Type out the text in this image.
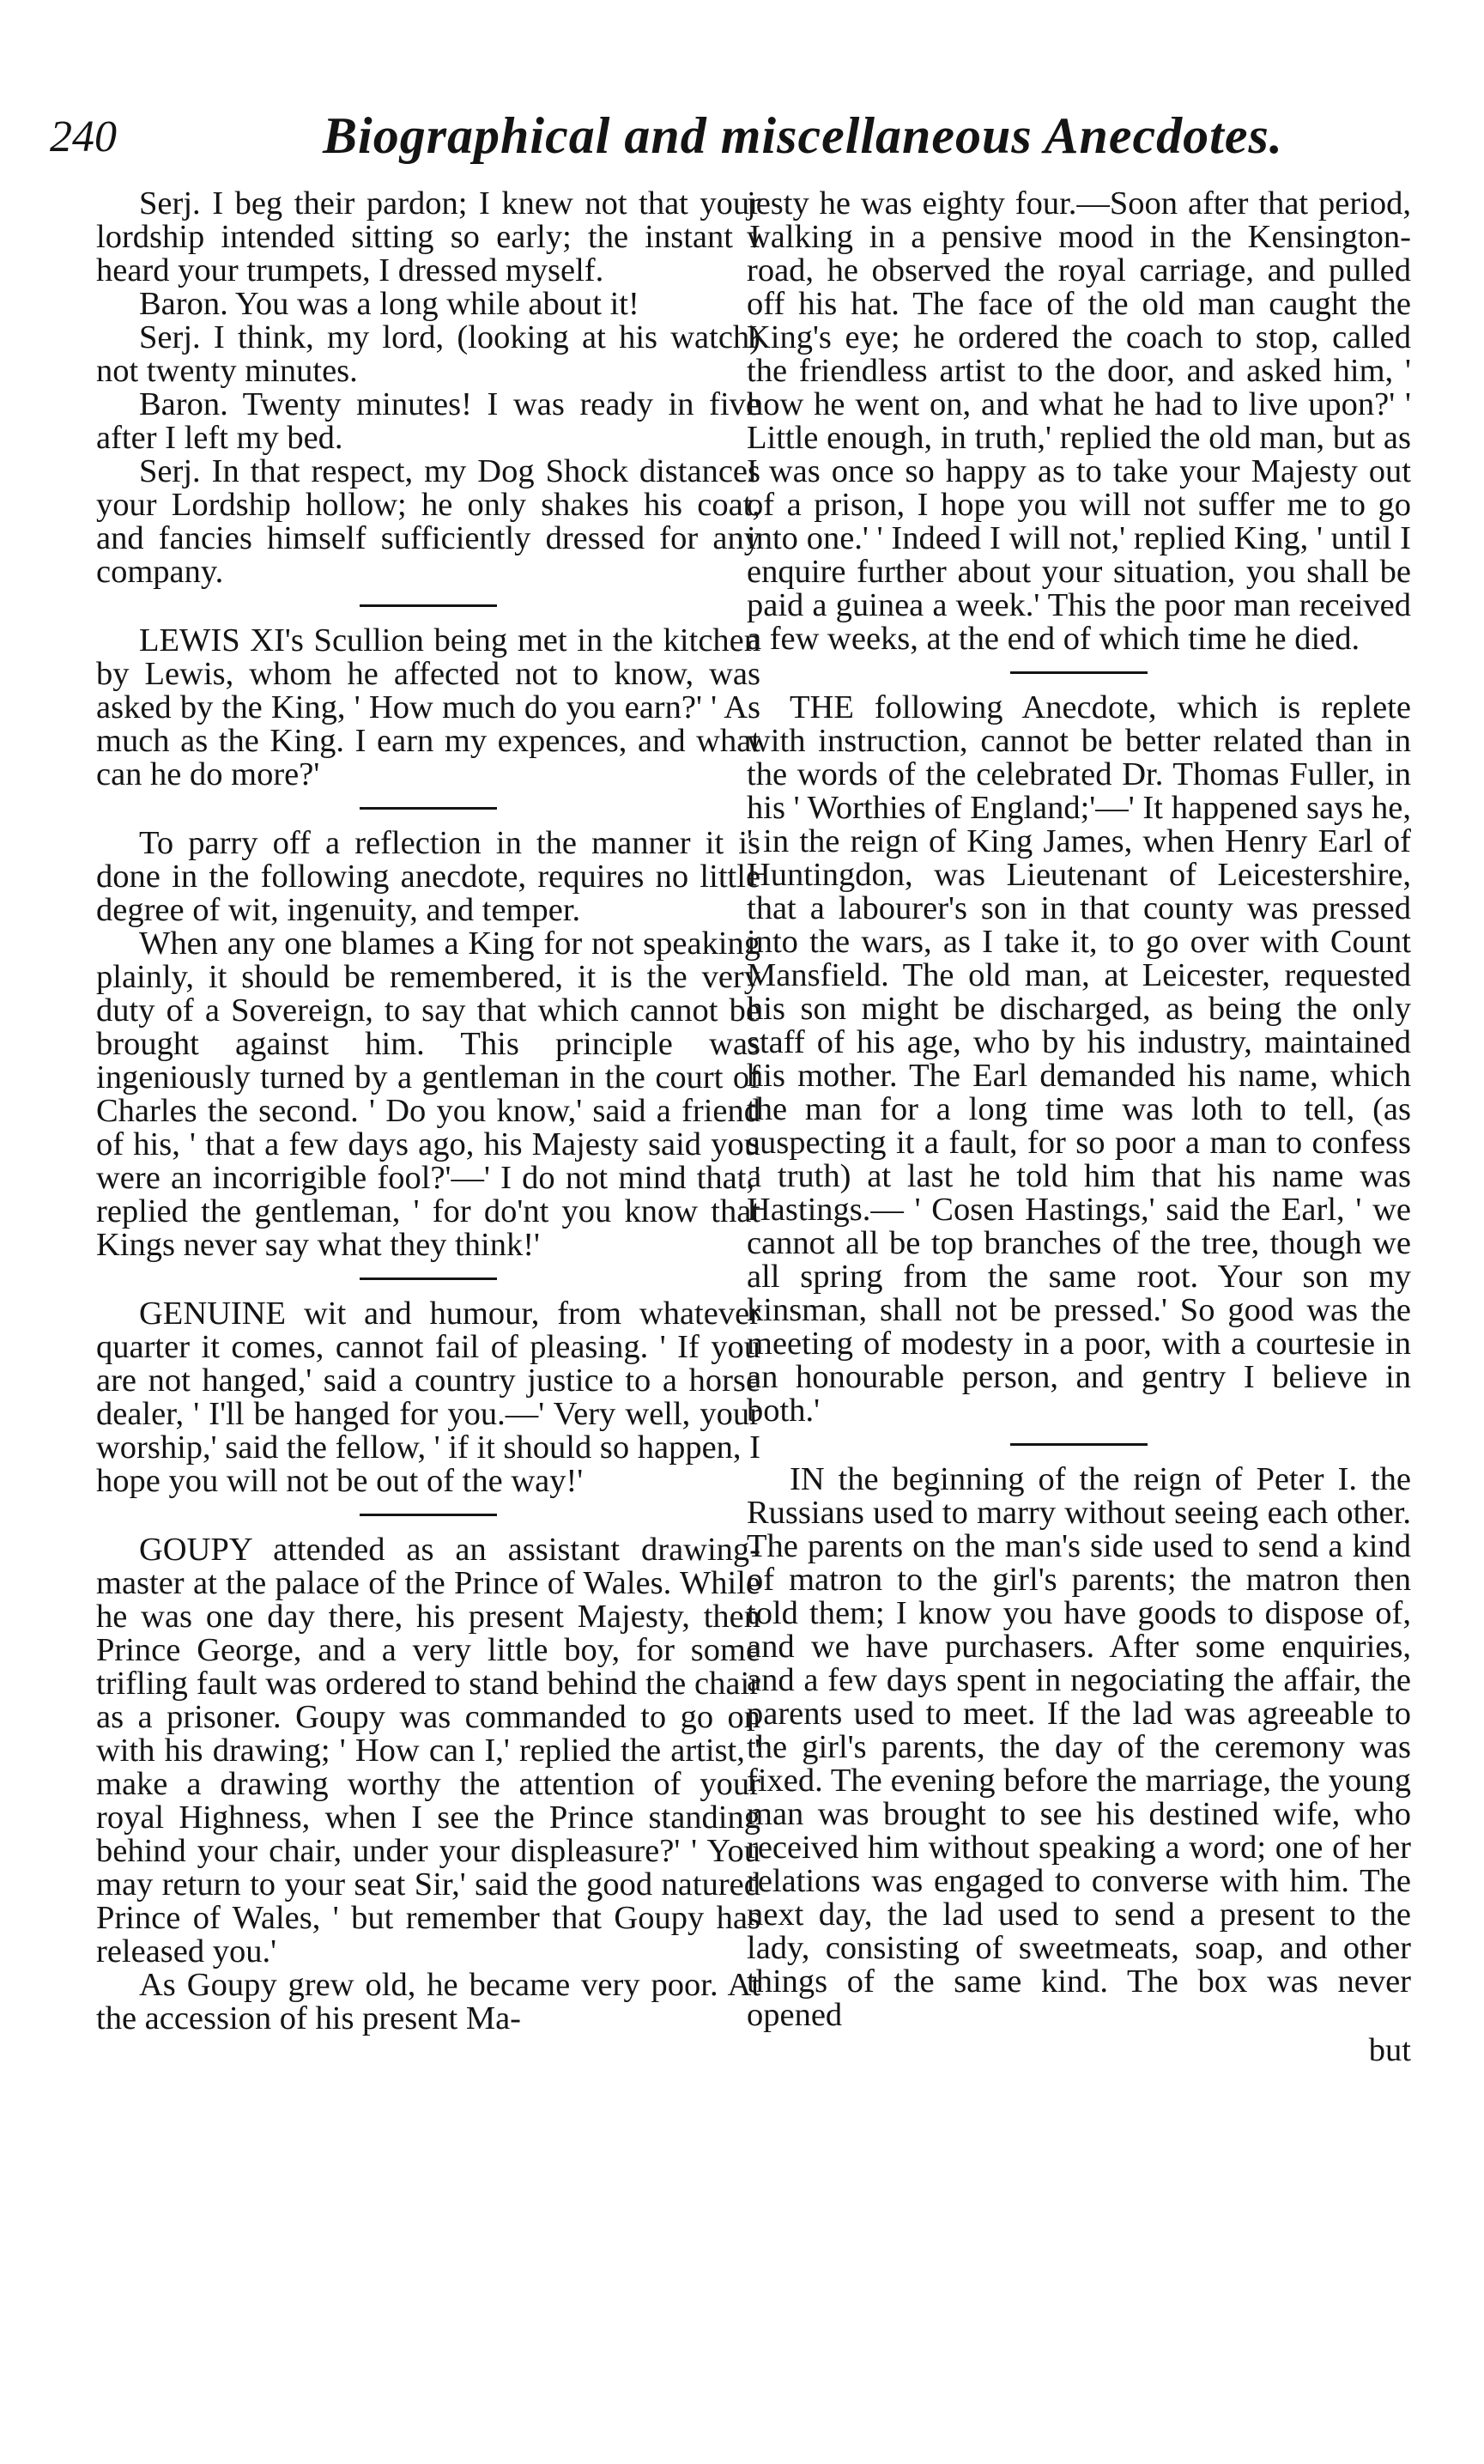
240	Biographical and miscellaneous Anecdotes.

Serj. I beg their pardon; I knew not that your lordship intended sitting so early; the instant I heard your trumpets, I dressed myself.

Baron. You was a long while about it!

Serj. I think, my lord, (looking at his watch) not twenty minutes.

Baron. Twenty minutes! I was ready in five after I left my bed.

Serj. In that respect, my Dog Shock distances your Lordship hollow; he only shakes his coat, and fancies himself sufficiently dressed for any company.

LEWIS XI's Scullion being met in the kitchen by Lewis, whom he affected not to know, was asked by the King, ' How much do you earn?' ' As much as the King. I earn my expences, and what can he do more?'

To parry off a reflection in the manner it is done in the following anecdote, requires no little degree of wit, ingenuity, and temper.

When any one blames a King for not speaking plainly, it should be remembered, it is the very duty of a Sovereign, to say that which cannot be brought against him. This principle was ingeniously turned by a gentleman in the court of Charles the second. ' Do you know,' said a friend of his, ' that a few days ago, his Majesty said you were an incorrigible fool?'—' I do not mind that,' replied the gentleman, ' for do'nt you know that Kings never say what they think!'

GENUINE wit and humour, from whatever quarter it comes, cannot fail of pleasing. ' If you are not hanged,' said a country justice to a horse dealer, ' I'll be hanged for you.—' Very well, your worship,' said the fellow, ' if it should so happen, I hope you will not be out of the way!'

GOUPY attended as an assistant drawing-master at the palace of the Prince of Wales. While he was one day there, his present Majesty, then Prince George, and a very little boy, for some trifling fault was ordered to stand behind the chair as a prisoner. Goupy was commanded to go on with his drawing; ' How can I,' replied the artist, ' make a drawing worthy the attention of your royal Highness, when I see the Prince standing behind your chair, under your displeasure?' ' You may return to your seat Sir,' said the good natured Prince of Wales, ' but remember that Goupy has released you.'

As Goupy grew old, he became very poor. At the accession of his present Ma-

jesty he was eighty four.—Soon after that period, walking in a pensive mood in the Kensington-road, he observed the royal carriage, and pulled off his hat. The face of the old man caught the King's eye; he ordered the coach to stop, called the friendless artist to the door, and asked him, ' how he went on, and what he had to live upon?' ' Little enough, in truth,' replied the old man, but as I was once so happy as to take your Majesty out of a prison, I hope you will not suffer me to go into one.' ' Indeed I will not,' replied King, ' until I enquire further about your situation, you shall be paid a guinea a week.' This the poor man received a few weeks, at the end of which time he died.

THE following Anecdote, which is replete with instruction, cannot be better related than in the words of the celebrated Dr. Thomas Fuller, in his ' Worthies of England;'—' It happened says he, ' in the reign of King James, when Henry Earl of Huntingdon, was Lieutenant of Leicestershire, that a labourer's son in that county was pressed into the wars, as I take it, to go over with Count Mansfield. The old man, at Leicester, requested his son might be discharged, as being the only staff of his age, who by his industry, maintained his mother. The Earl demanded his name, which the man for a long time was loth to tell, (as suspecting it a fault, for so poor a man to confess a truth) at last he told him that his name was Hastings.— ' Cosen Hastings,' said the Earl, ' we cannot all be top branches of the tree, though we all spring from the same root. Your son my kinsman, shall not be pressed.' So good was the meeting of modesty in a poor, with a courtesie in an honourable person, and gentry I believe in both.'

IN the beginning of the reign of Peter I. the Russians used to marry without seeing each other. The parents on the man's side used to send a kind of matron to the girl's parents; the matron then told them; I know you have goods to dispose of, and we have purchasers. After some enquiries, and a few days spent in negociating the affair, the parents used to meet. If the lad was agreeable to the girl's parents, the day of the ceremony was fixed. The evening before the marriage, the young man was brought to see his destined wife, who received him without speaking a word; one of her relations was engaged to converse with him. The next day, the lad used to send a present to the lady, consisting of sweetmeats, soap, and other things of the same kind. The box was never opened

but
